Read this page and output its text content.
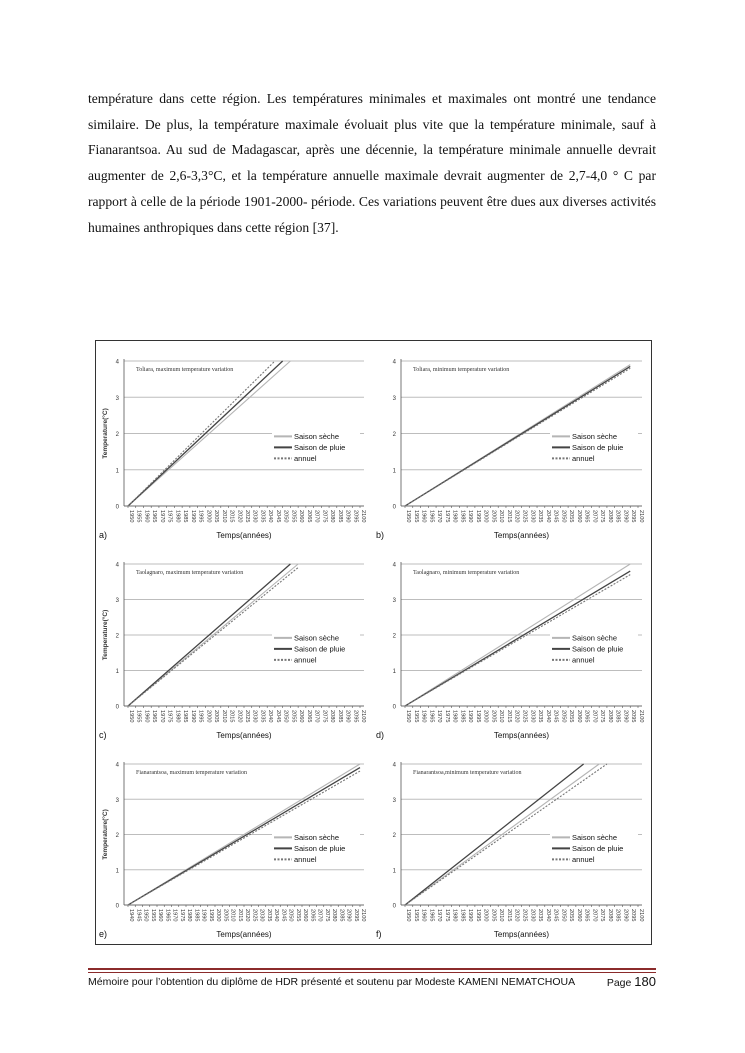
température dans cette région. Les températures minimales et maximales ont montré une tendance similaire. De plus, la température maximale évoluait plus vite que la température minimale, sauf à Fianarantsoa. Au sud de Madagascar, après une décennie, la température minimale annuelle devrait augmenter de 2,6-3,3°C, et la température annuelle maximale devrait augmenter de 2,7-4,0 ° C par rapport à celle de la période 1901-2000- période. Ces variations peuvent être dues aux diverses activités humaines anthropiques dans cette région [37].

0
1
2
3
4
1950 1955 1960 1965 1970 1975 1980 1985 1990 1995 2000 2005 2010 2015 2020 2025 2030 2035 2040 2045 2050 2055 2060 2065 2070 2075 2080 2085 2090 2095 2100
Toliara, maximum temperature variation
Temperature(°C)	Saison sèche
Saison de pluie
annuel
a)	Temps(années)
0
1
2
3
4
1950 1955 1960 1965 1970 1975 1980 1985 1990 1995 2000 2005 2010 2015 2020 2025 2030 2035 2040 2045 2050 2055 2060 2065 2070 2075 2080 2085 2090 2095 2100
Toliara, minimum temperature variation
Saison sèche
Saison de pluie
annuel
b)	Temps(années)
0
1
2
3
4
1950 1955 1960 1965 1970 1975 1980 1985 1990 1995 2000 2005 2010 2015 2020 2025 2030 2035 2040 2045 2050 2055 2060 2065 2070 2075 2080 2085 2090 2095 2100
Taolagnaro, maximum temperature variation
Temperature(°C)	Saison sèche
Saison de pluie
annuel
c)	Temps(années)
0
1
2
3
4
1950 1955 1960 1965 1970 1975 1980 1985 1990 1995 2000 2005 2010 2015 2020 2025 2030 2035 2040 2045 2050 2055 2060 2065 2070 2075 2080 2085 2090 2095 2100
Taolagnaro, minimum temperature variation
Saison sèche
Saison de pluie
annuel
d)	Temps(années)
0
1
2
3
4
1940 1945 1950 1955 1960 1965 1970 1975 1980 1985 1990 1995 2000 2005 2010 2015 2020 2025 2030 2035 2040 2045 2050 2055 2060 2065 2070 2075 2080 2085 2090 2095 2100
Fianarantsoa, maximum temperature variation
Temperature(°C)	Saison sèche
Saison de pluie
annuel
e)	Temps(années)
0
1
2
3
4
1950 1955 1960 1965 1970 1975 1980 1985 1990 1995 2000 2005 2010 2015 2020 2025 2030 2035 2040 2045 2050 2055 2060 2065 2070 2075 2080 2085 2090 2095 2100
Fianarantsoa,minimum temperature variation
Saison sèche
Saison de pluie
annuel
f)	Temps(années)
Mémoire pour l’obtention du diplôme de HDR présenté et soutenu par Modeste KAMENI NEMATCHOUA	Page 180
